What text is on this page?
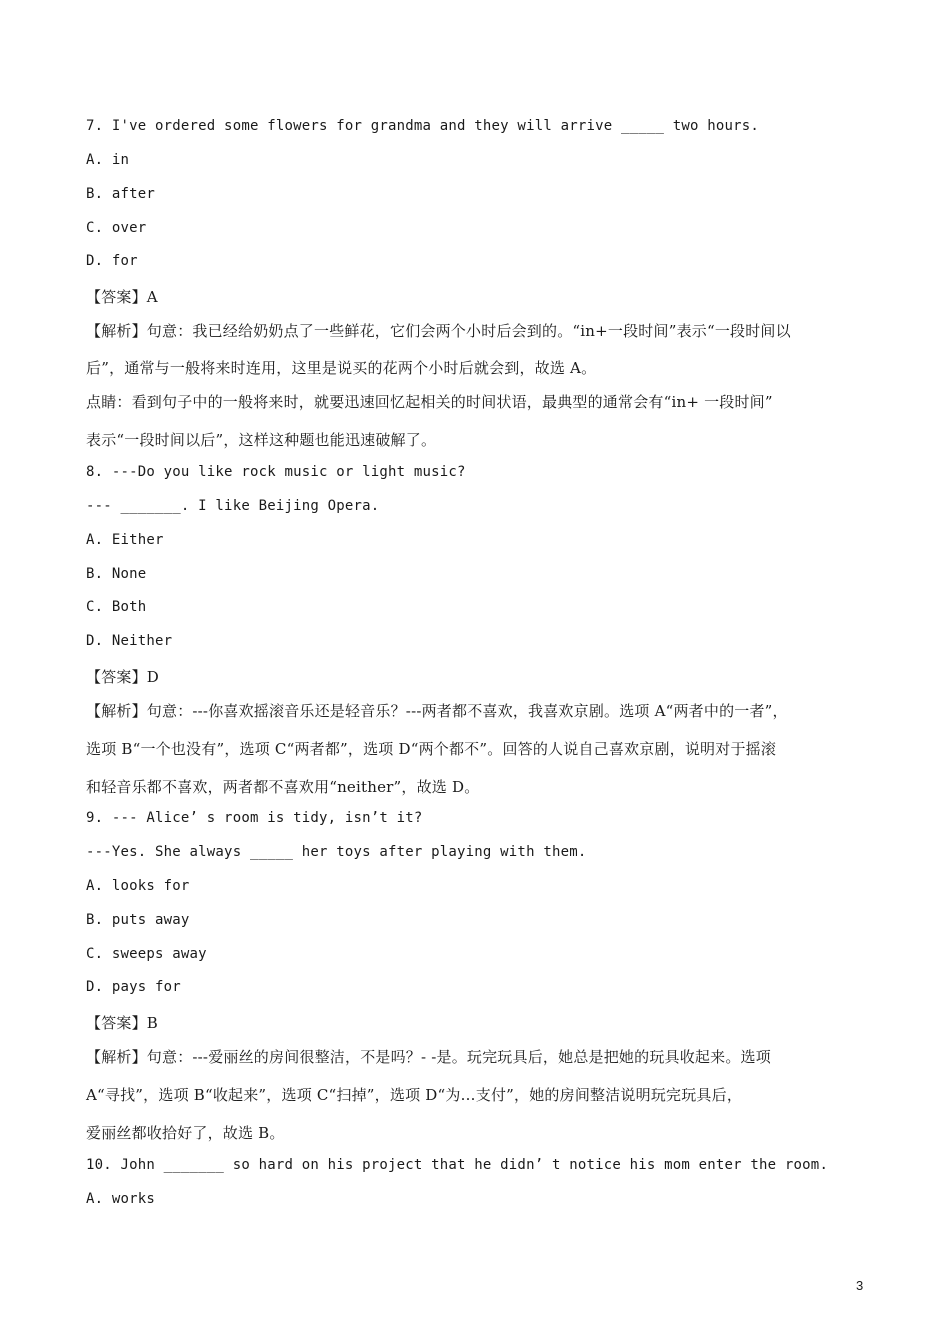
7. I've ordered some flowers for grandma and they will arrive _____ two hours.
A. in
B. after
C. over
D. for
【答案】A
【解析】句意：我已经给奶奶点了一些鲜花，它们会两个小时后会到的。“in+一段时间”表示“一段时间以
后”，通常与一般将来时连用，这里是说买的花两个小时后就会到，故选 A。
点睛：看到句子中的一般将来时，就要迅速回忆起相关的时间状语，最典型的通常会有“in+ 一段时间”
表示“一段时间以后”，这样这种题也能迅速破解了。
8. ---Do you like rock music or light music?
--- _______. I like Beijing Opera.
A. Either
B. None
C. Both
D. Neither
【答案】D
【解析】句意：---你喜欢摇滚音乐还是轻音乐？---两者都不喜欢，我喜欢京剧。选项 A“两者中的一者”，
选项 B“一个也没有”，选项 C“两者都”，选项 D“两个都不”。回答的人说自己喜欢京剧，说明对于摇滚
和轻音乐都不喜欢，两者都不喜欢用“neither”，故选 D。
9. --- Alice’ s room is tidy, isn’t it?
---Yes. She always _____ her toys after playing with them.
A. looks for
B. puts away
C. sweeps away
D. pays for
【答案】B
【解析】句意：---爱丽丝的房间很整洁，不是吗？- -是。玩完玩具后，她总是把她的玩具收起来。选项
A“寻找”，选项 B“收起来”，选项 C“扫掉”，选项 D“为…支付”，她的房间整洁说明玩完玩具后，
爱丽丝都收拾好了，故选 B。
10. John _______ so hard on his project that he didn’ t notice his mom enter the room.
A. works
3
